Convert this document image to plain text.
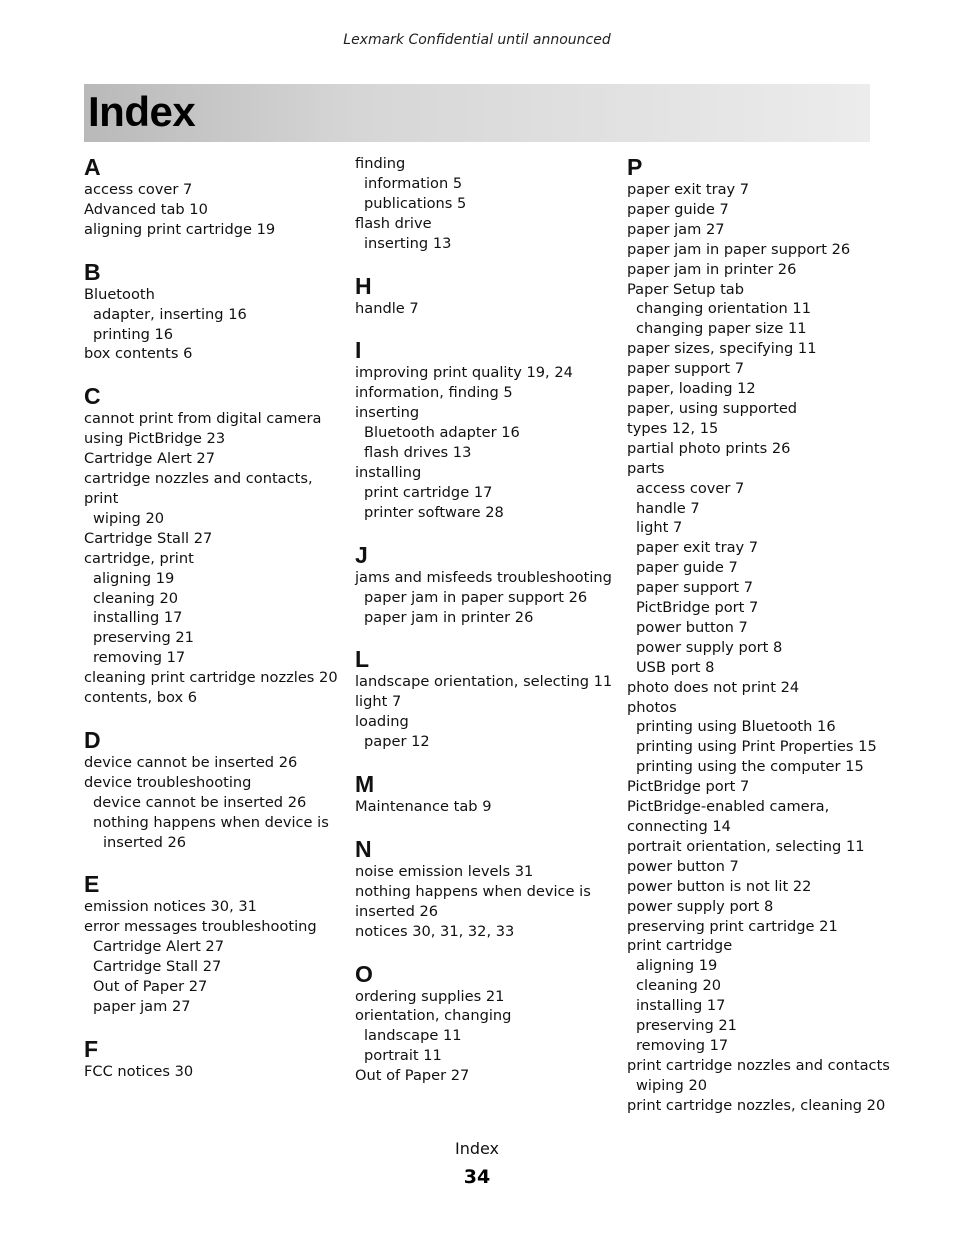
Lexmark Confidential until announced
Index
A
access cover 7
Advanced tab 10
aligning print cartridge 19
B
Bluetooth
adapter, inserting 16
printing 16
box contents 6
C
cannot print from digital camera
using PictBridge 23
Cartridge Alert 27
cartridge nozzles and contacts,
print
wiping 20
Cartridge Stall 27
cartridge, print
aligning 19
cleaning 20
installing 17
preserving 21
removing 17
cleaning print cartridge nozzles 20
contents, box 6
D
device cannot be inserted 26
device troubleshooting
device cannot be inserted 26
nothing happens when device is
inserted 26
E
emission notices 30, 31
error messages troubleshooting
Cartridge Alert 27
Cartridge Stall 27
Out of Paper 27
paper jam 27
F
FCC notices 30
finding
information 5
publications 5
flash drive
inserting 13
H
handle 7
I
improving print quality 19, 24
information, finding 5
inserting
Bluetooth adapter 16
flash drives 13
installing
print cartridge 17
printer software 28
J
jams and misfeeds troubleshooting
paper jam in paper support 26
paper jam in printer 26
L
landscape orientation, selecting 11
light 7
loading
paper 12
M
Maintenance tab 9
N
noise emission levels 31
nothing happens when device is
inserted 26
notices 30, 31, 32, 33
O
ordering supplies 21
orientation, changing
landscape 11
portrait 11
Out of Paper 27
P
paper exit tray 7
paper guide 7
paper jam 27
paper jam in paper support 26
paper jam in printer 26
Paper Setup tab
changing orientation 11
changing paper size 11
paper sizes, specifying 11
paper support 7
paper, loading 12
paper, using supported
types 12, 15
partial photo prints 26
parts
access cover 7
handle 7
light 7
paper exit tray 7
paper guide 7
paper support 7
PictBridge port 7
power button 7
power supply port 8
USB port 8
photo does not print 24
photos
printing using Bluetooth 16
printing using Print Properties 15
printing using the computer 15
PictBridge port 7
PictBridge-enabled camera,
connecting 14
portrait orientation, selecting 11
power button 7
power button is not lit 22
power supply port 8
preserving print cartridge 21
print cartridge
aligning 19
cleaning 20
installing 17
preserving 21
removing 17
print cartridge nozzles and contacts
wiping 20
print cartridge nozzles, cleaning 20
Index
34
